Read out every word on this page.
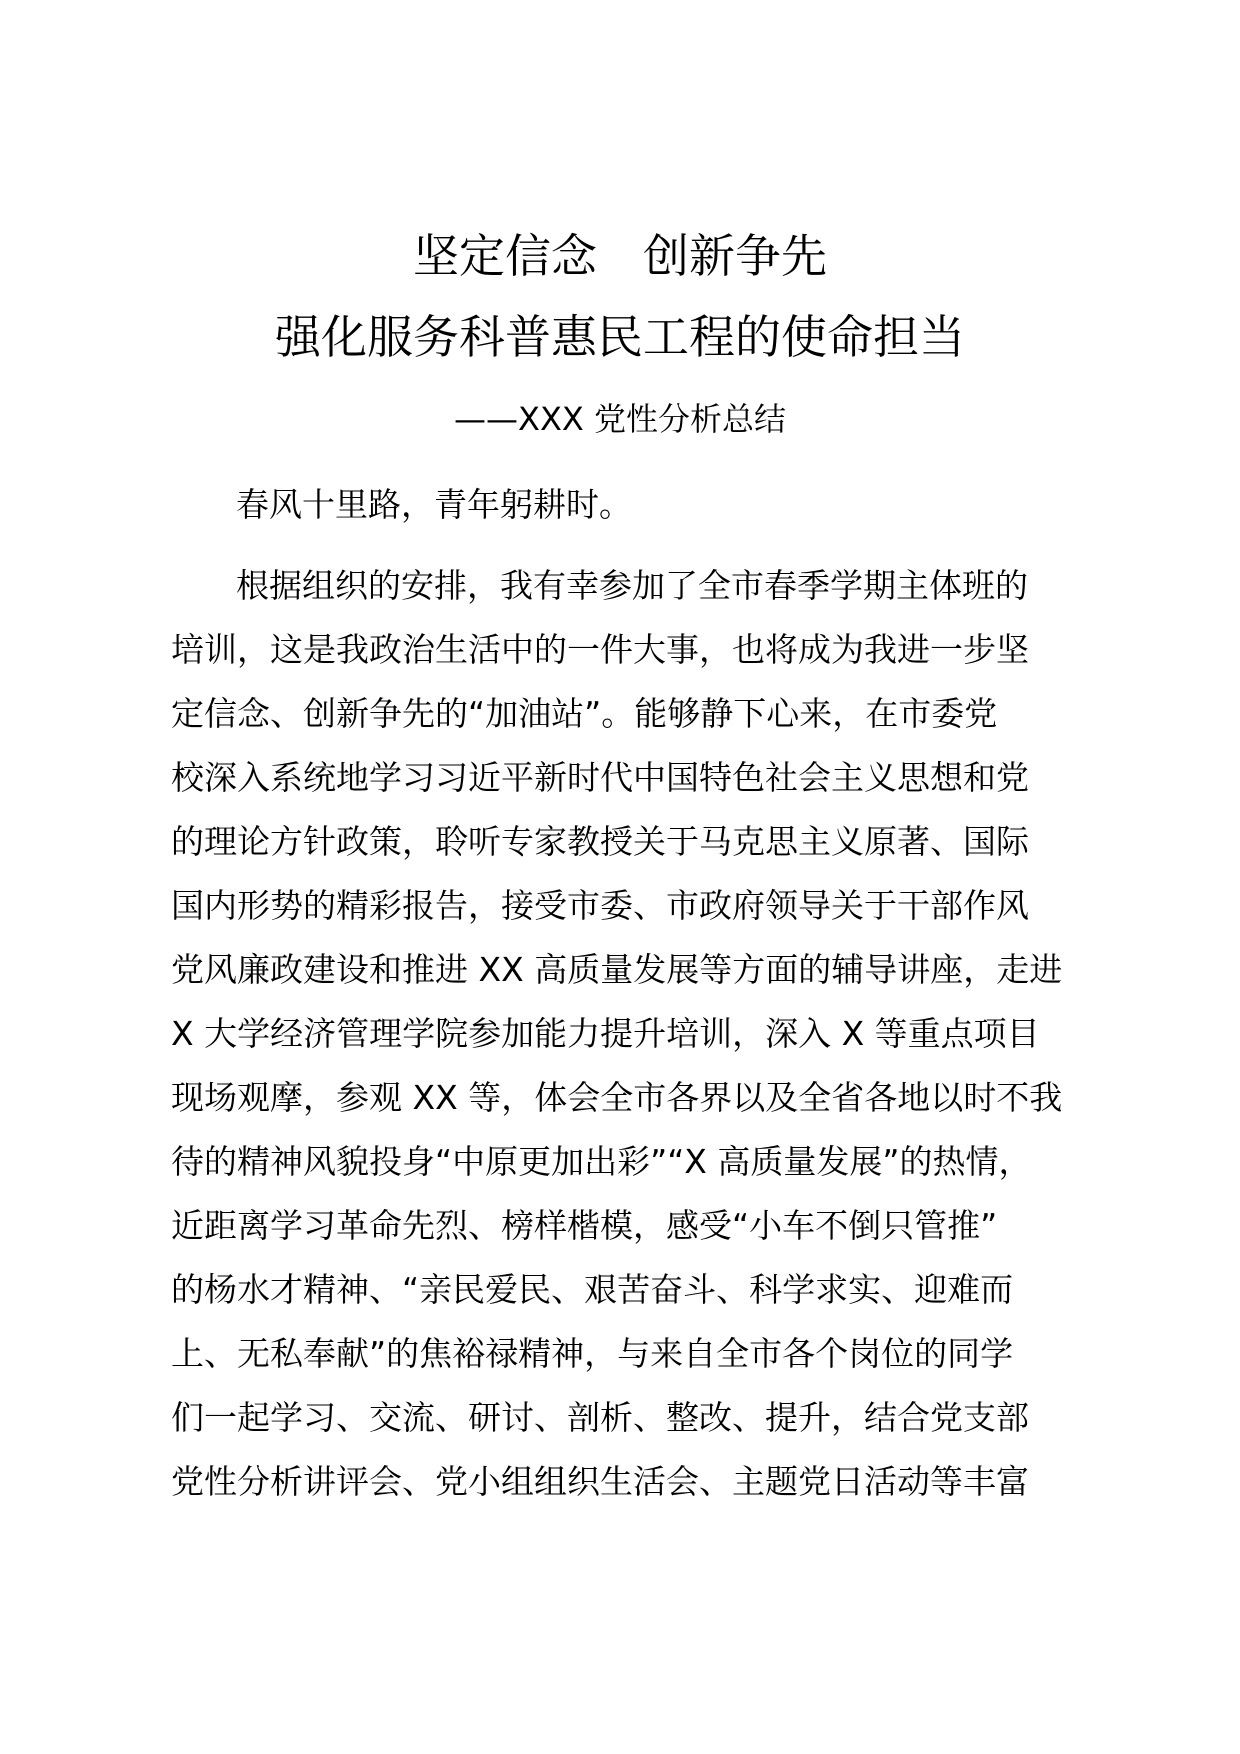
坚定信念　创新争先
强化服务科普惠民工程的使命担当
——XXX 党性分析总结
春风十里路，青年躬耕时。
根据组织的安排，我有幸参加了全市春季学期主体班的
培训，这是我政治生活中的一件大事，也将成为我进一步坚
定信念、创新争先的“加油站”。能够静下心来，在市委党
校深入系统地学习习近平新时代中国特色社会主义思想和党
的理论方针政策，聆听专家教授关于马克思主义原著、国际
国内形势的精彩报告，接受市委、市政府领导关于干部作风
党风廉政建设和推进 XX 高质量发展等方面的辅导讲座，走进
X 大学经济管理学院参加能力提升培训，深入 X 等重点项目
现场观摩，参观 XX 等，体会全市各界以及全省各地以时不我
待的精神风貌投身“中原更加出彩”“X 高质量发展”的热情，
近距离学习革命先烈、榜样楷模，感受“小车不倒只管推”
的杨水才精神、“亲民爱民、艰苦奋斗、科学求实、迎难而
上、无私奉献”的焦裕禄精神，与来自全市各个岗位的同学
们一起学习、交流、研讨、剖析、整改、提升，结合党支部
党性分析讲评会、党小组组织生活会、主题党日活动等丰富
